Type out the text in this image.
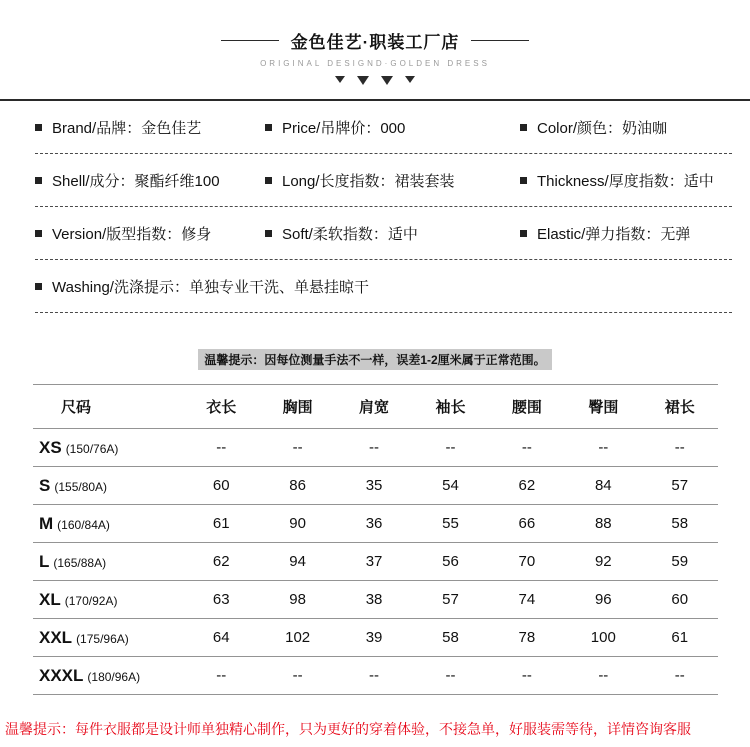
金色佳艺·职装工厂店
ORIGINAL DESIGND·GOLDEN DRESS
Brand/品牌：金色佳艺	Price/吊牌价：000	Color/颜色：奶油咖
Shell/成分：聚酯纤维100	Long/长度指数：裙装套装	Thickness/厚度指数：适中
Version/版型指数：修身	Soft/柔软指数：适中	Elastic/弹力指数：无弹
Washing/洗涤提示：单独专业干洗、单悬挂晾干
温馨提示：因每位测量手法不一样，误差1-2厘米属于正常范围。
尺码	衣长	胸围	肩宽	袖长	腰围	臀围	裙长
XS (150/76A)	--	--	--	--	--	--	--
S (155/80A)	60	86	35	54	62	84	57
M (160/84A)	61	90	36	55	66	88	58
L (165/88A)	62	94	37	56	70	92	59
XL (170/92A)	63	98	38	57	74	96	60
XXL (175/96A)	64	102	39	58	78	100	61
XXXL (180/96A)	--	--	--	--	--	--	--
温馨提示：每件衣服都是设计师单独精心制作，只为更好的穿着体验，不接急单，好服装需等待，详情咨询客服
